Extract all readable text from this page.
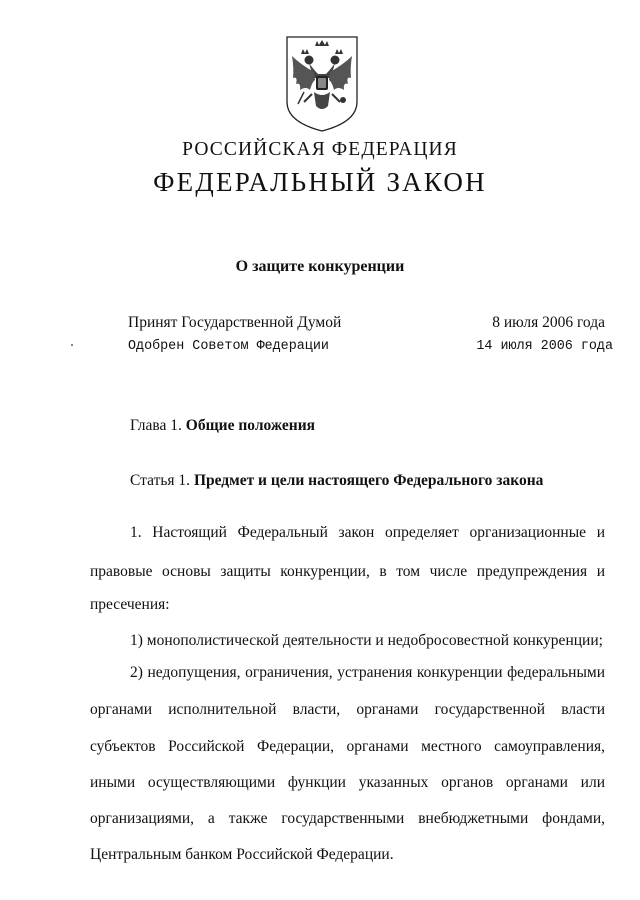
РОССИЙСКАЯ ФЕДЕРАЦИЯ
ФЕДЕРАЛЬНЫЙ ЗАКОН
О защите конкуренции
Принят Государственной Думой	8 июля 2006 года
Одобрен Советом Федерации	14 июля 2006 года
Глава 1. Общие положения
Статья 1. Предмет и цели настоящего Федерального закона
1. Настоящий Федеральный закон определяет организационные и
правовые основы защиты конкуренции, в том числе предупреждения и
пресечения:
1) монополистической деятельности и недобросовестной конкуренции;
2) недопущения, ограничения, устранения конкуренции федеральными
органами исполнительной власти, органами государственной власти
субъектов Российской Федерации, органами местного самоуправления,
иными осуществляющими функции указанных органов органами или
организациями, а также государственными внебюджетными фондами,
Центральным банком Российской Федерации.
